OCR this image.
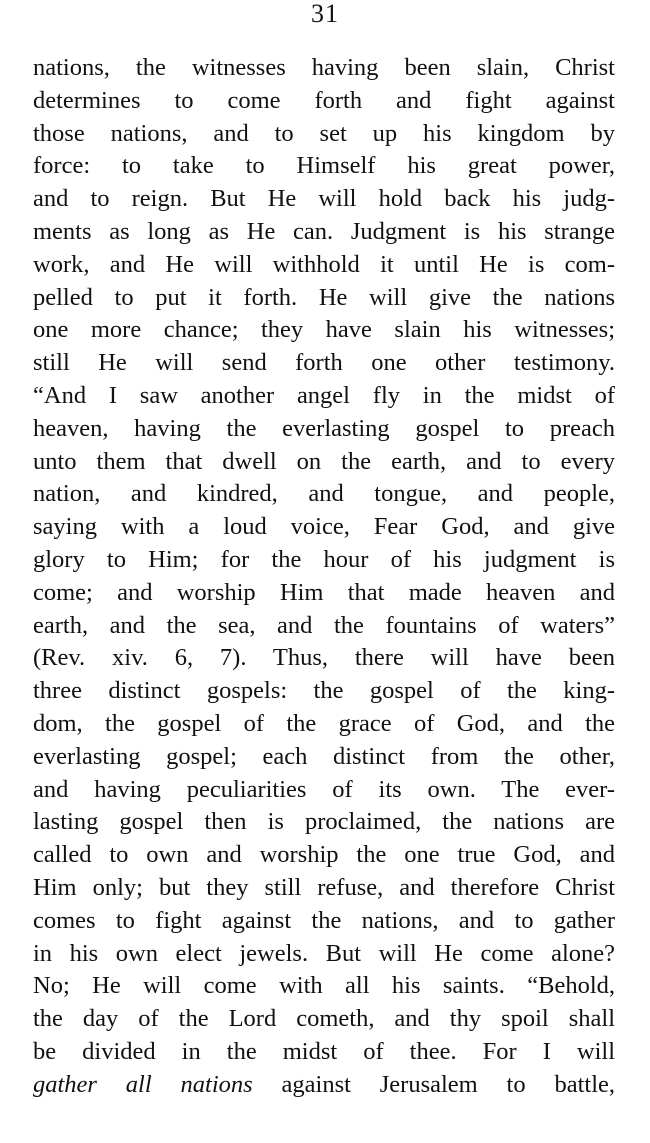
31
nations, the witnesses having been slain, Christ
determines to come forth and fight against
those nations, and to set up his kingdom by
force: to take to Himself his great power,
and to reign. But He will hold back his judg-
ments as long as He can. Judgment is his strange
work, and He will withhold it until He is com-
pelled to put it forth. He will give the nations
one more chance; they have slain his witnesses;
still He will send forth one other testimony.
“And I saw another angel fly in the midst of
heaven, having the everlasting gospel to preach
unto them that dwell on the earth, and to every
nation, and kindred, and tongue, and people,
saying with a loud voice, Fear God, and give
glory to Him; for the hour of his judgment is
come; and worship Him that made heaven and
earth, and the sea, and the fountains of waters”
(Rev. xiv. 6, 7). Thus, there will have been
three distinct gospels: the gospel of the king-
dom, the gospel of the grace of God, and the
everlasting gospel; each distinct from the other,
and having peculiarities of its own. The ever-
lasting gospel then is proclaimed, the nations are
called to own and worship the one true God, and
Him only; but they still refuse, and therefore Christ
comes to fight against the nations, and to gather
in his own elect jewels. But will He come alone?
No; He will come with all his saints. “Behold,
the day of the Lord cometh, and thy spoil shall
be divided in the midst of thee. For I will
gather all nations against Jerusalem to battle,
